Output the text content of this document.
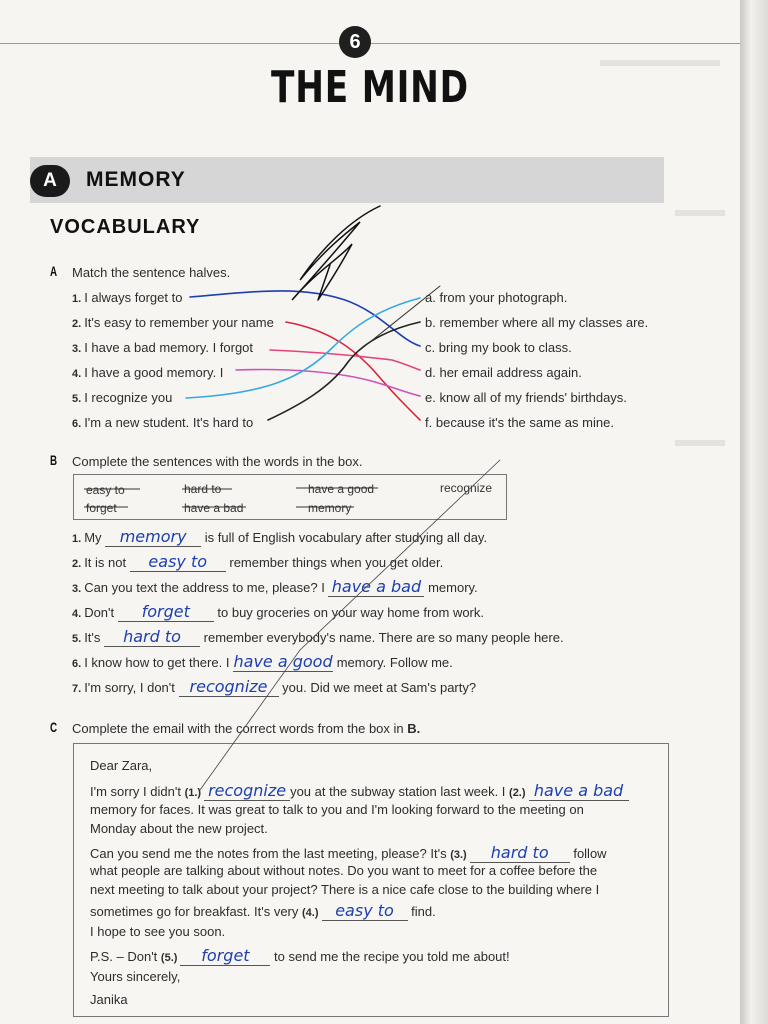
6
THE MIND
A	MEMORY
VOCABULARY
A Match the sentence halves.
1. I always forget to
2. It's easy to remember your name
3. I have a bad memory. I forgot
4. I have a good memory. I
5. I recognize you
6. I'm a new student. It's hard to
a. from your photograph.
b. remember where all my classes are.
c. bring my book to class.
d. her email address again.
e. know all of my friends' birthdays.
f. because it's the same as mine.
B Complete the sentences with the words in the box.
easy to	hard to	have a good	recognize
forget	have a bad	memory
1. My memory is full of English vocabulary after studying all day.
2. It is not easy to remember things when you get older.
3. Can you text the address to me, please? I have a bad memory.
4. Don't forget to buy groceries on your way home from work.
5. It's hard to remember everybody's name. There are so many people here.
6. I know how to get there. I have a good memory. Follow me.
7. I'm sorry, I don't recognize you. Did we meet at Sam's party?
C Complete the email with the correct words from the box in B.
Dear Zara,
I'm sorry I didn't (1.) recognize you at the subway station last week. I (2.) have a bad
memory for faces. It was great to talk to you and I'm looking forward to the meeting on
Monday about the new project.
Can you send me the notes from the last meeting, please? It's (3.) hard to follow
what people are talking about without notes. Do you want to meet for a coffee before the
next meeting to talk about your project? There is a nice cafe close to the building where I
sometimes go for breakfast. It's very (4.) easy to find.
I hope to see you soon.
P.S. – Don't (5.) forget to send me the recipe you told me about!
Yours sincerely,
Janika
